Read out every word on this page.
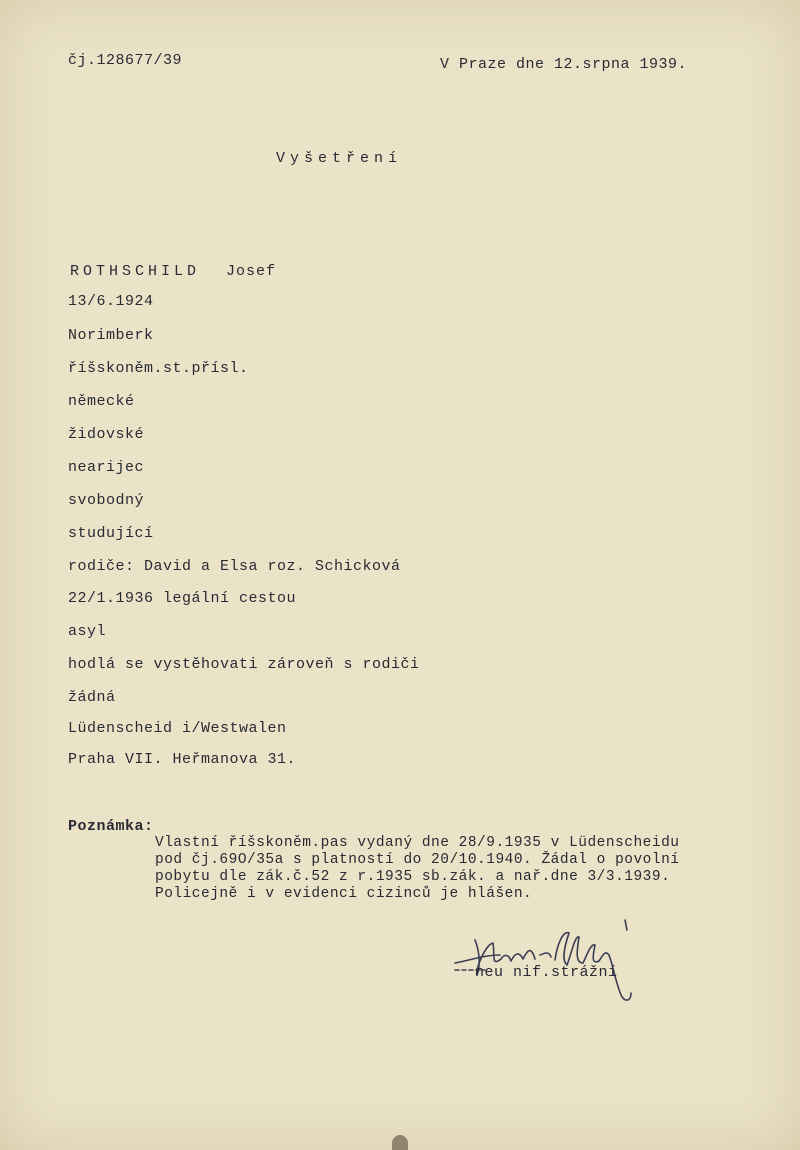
čj.128677/39	V Praze dne 12.srpna 1939.
Vyšetření
ROTHSCHILD Josef
13/6.1924
Norimberk
říšskoněm.st.přísl.
německé
židovské
nearijec
svobodný
studující
rodiče: David a Elsa roz. Schicková
22/1.1936 legální cestou
asyl
hodlá se vystěhovati zároveň s rodiči
žádná
Lüdenscheid i/Westwalen
Praha VII. Heřmanova 31.
Poznámka:
Vlastní říšskoněm.pas vydaný dne 28/9.1935 v Lüdenscheidu
pod čj.69O/35a s platností do 20/10.1940. Žádal o povolní
pobytu dle zák.č.52 z r.1935 sb.zák. a nař.dne 3/3.1939.
Policejně i v evidenci cizinců je hlášen.
neu nif.strážní
